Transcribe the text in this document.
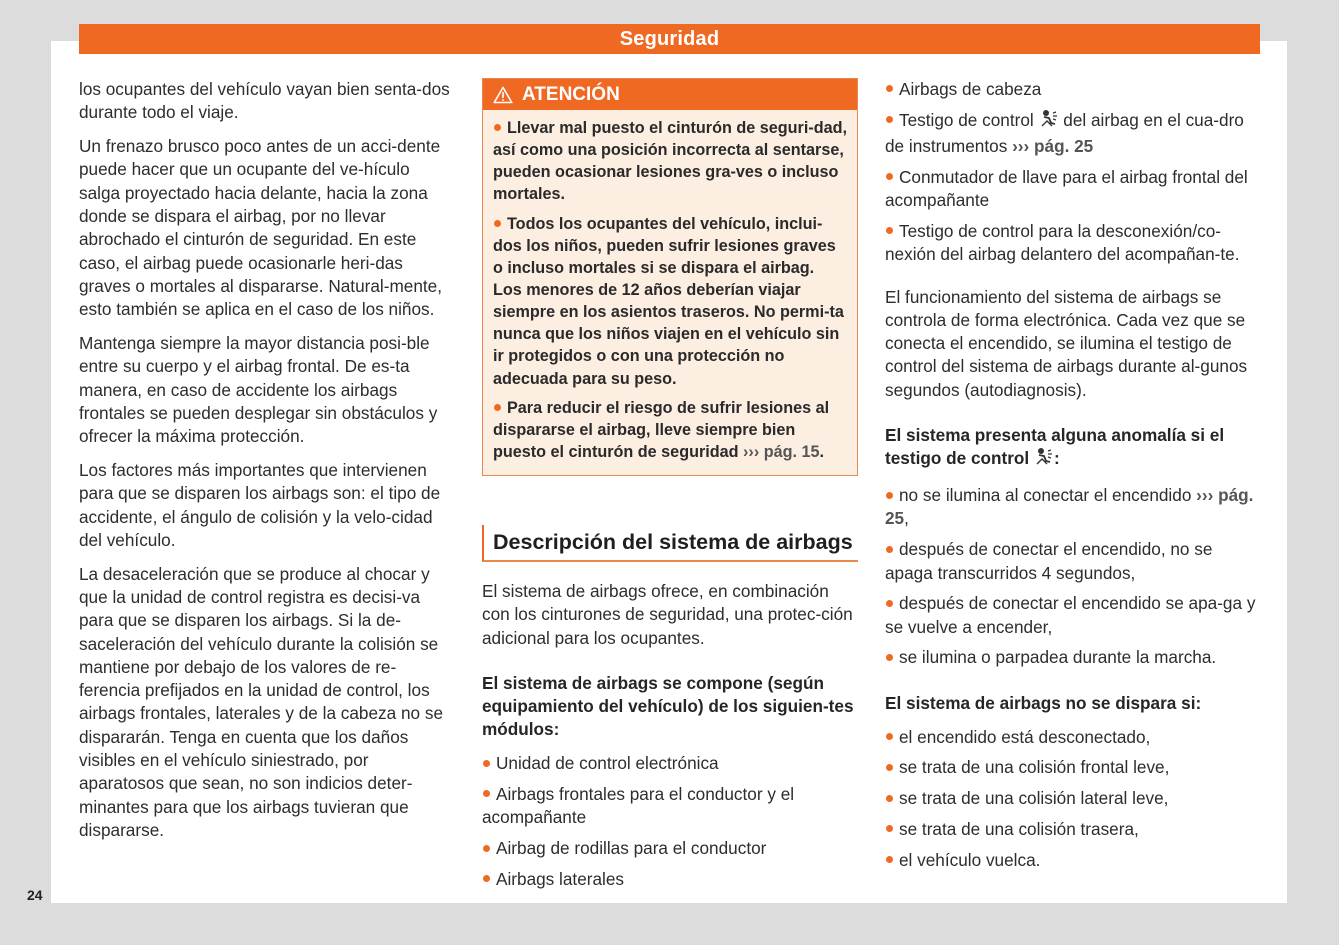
Seguridad
24

los ocupantes del vehículo vayan bien senta-dos durante todo el viaje.

Un frenazo brusco poco antes de un acci-dente puede hacer que un ocupante del ve-hículo salga proyectado hacia delante, hacia la zona donde se dispara el airbag, por no llevar abrochado el cinturón de seguridad. En este caso, el airbag puede ocasionarle heri-das graves o mortales al dispararse. Natural-mente, esto también se aplica en el caso de los niños.

Mantenga siempre la mayor distancia posi-ble entre su cuerpo y el airbag frontal. De es-ta manera, en caso de accidente los airbags frontales se pueden desplegar sin obstáculos y ofrecer la máxima protección.

Los factores más importantes que intervienen para que se disparen los airbags son: el tipo de accidente, el ángulo de colisión y la velo-cidad del vehículo.

La desaceleración que se produce al chocar y que la unidad de control registra es decisi-va para que se disparen los airbags. Si la de-saceleración del vehículo durante la colisión se mantiene por debajo de los valores de re-ferencia prefijados en la unidad de control, los airbags frontales, laterales y de la cabeza no se dispararán. Tenga en cuenta que los daños visibles en el vehículo siniestrado, por aparatosos que sean, no son indicios deter-minantes para que los airbags tuvieran que dispararse.

ATENCIÓN

Llevar mal puesto el cinturón de seguri-dad, así como una posición incorrecta al sentarse, pueden ocasionar lesiones gra-ves o incluso mortales.

Todos los ocupantes del vehículo, inclui-dos los niños, pueden sufrir lesiones graves o incluso mortales si se dispara el airbag. Los menores de 12 años deberían viajar siempre en los asientos traseros. No permi-ta nunca que los niños viajen en el vehículo sin ir protegidos o con una protección no adecuada para su peso.

Para reducir el riesgo de sufrir lesiones al dispararse el airbag, lleve siempre bien puesto el cinturón de seguridad ››› pág. 15.

Descripción del sistema de airbags

El sistema de airbags ofrece, en combinación con los cinturones de seguridad, una protec-ción adicional para los ocupantes.

El sistema de airbags se compone (según equipamiento del vehículo) de los siguien-tes módulos:

Unidad de control electrónica
Airbags frontales para el conductor y el acompañante
Airbag de rodillas para el conductor
Airbags laterales
Airbags de cabeza
Testigo de control  del airbag en el cua-dro de instrumentos ››› pág. 25
Conmutador de llave para el airbag frontal del acompañante
Testigo de control para la desconexión/co-nexión del airbag delantero del acompañan-te.

El funcionamiento del sistema de airbags se controla de forma electrónica. Cada vez que se conecta el encendido, se ilumina el testigo de control del sistema de airbags durante al-gunos segundos (autodiagnosis).

El sistema presenta alguna anomalía si el testigo de control :

no se ilumina al conectar el encendido ››› pág. 25,
después de conectar el encendido, no se apaga transcurridos 4 segundos,
después de conectar el encendido se apa-ga y se vuelve a encender,
se ilumina o parpadea durante la marcha.

El sistema de airbags no se dispara si:

el encendido está desconectado,
se trata de una colisión frontal leve,
se trata de una colisión lateral leve,
se trata de una colisión trasera,
el vehículo vuelca.
